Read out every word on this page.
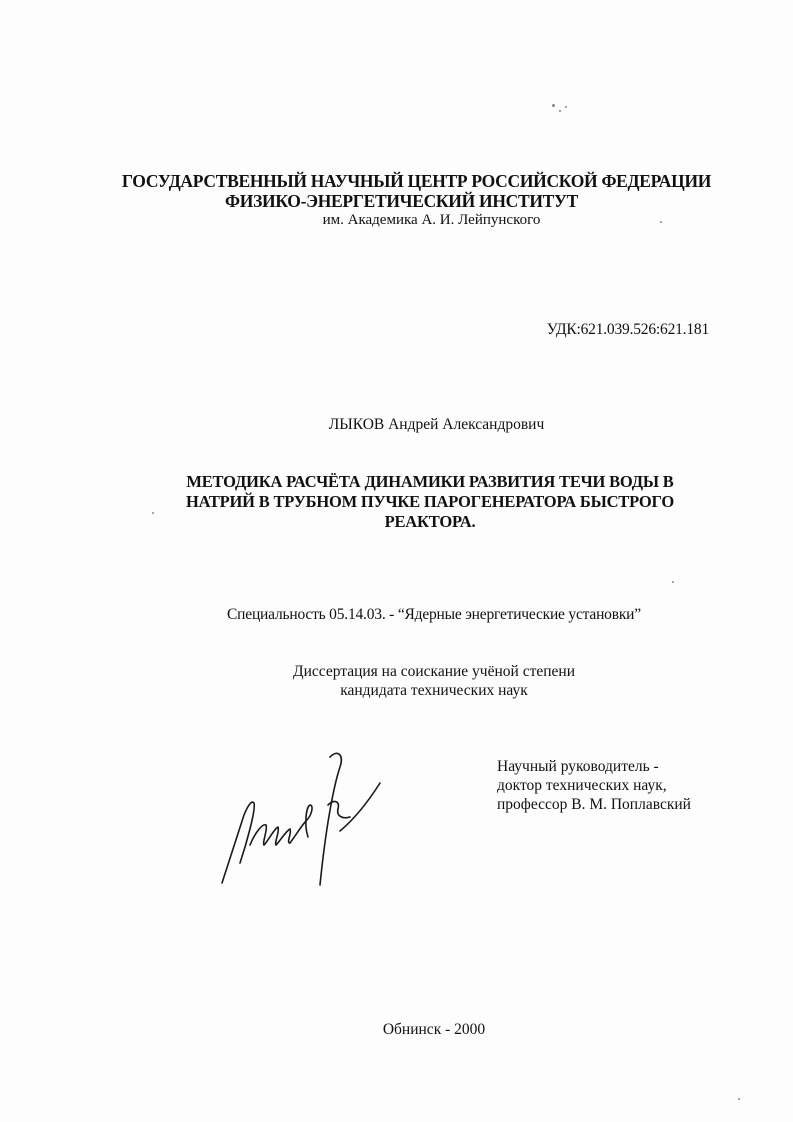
ГОСУДАРСТВЕННЫЙ НАУЧНЫЙ ЦЕНТР РОССИЙСКОЙ ФЕДЕРАЦИИ
ФИЗИКО-ЭНЕРГЕТИЧЕСКИЙ ИНСТИТУТ
им. Академика А. И. Лейпунского
УДК:621.039.526:621.181
ЛЫКОВ Андрей Александрович
МЕТОДИКА РАСЧЁТА ДИНАМИКИ РАЗВИТИЯ ТЕЧИ ВОДЫ В
НАТРИЙ В ТРУБНОМ ПУЧКЕ ПАРОГЕНЕРАТОРА БЫСТРОГО
РЕАКТОРА.
Специальность 05.14.03. - “Ядерные энергетические установки”
Диссертация на соискание учёной степени
кандидата технических наук
Научный руководитель -
доктор технических наук,
профессор В. М. Поплавский
Обнинск - 2000
